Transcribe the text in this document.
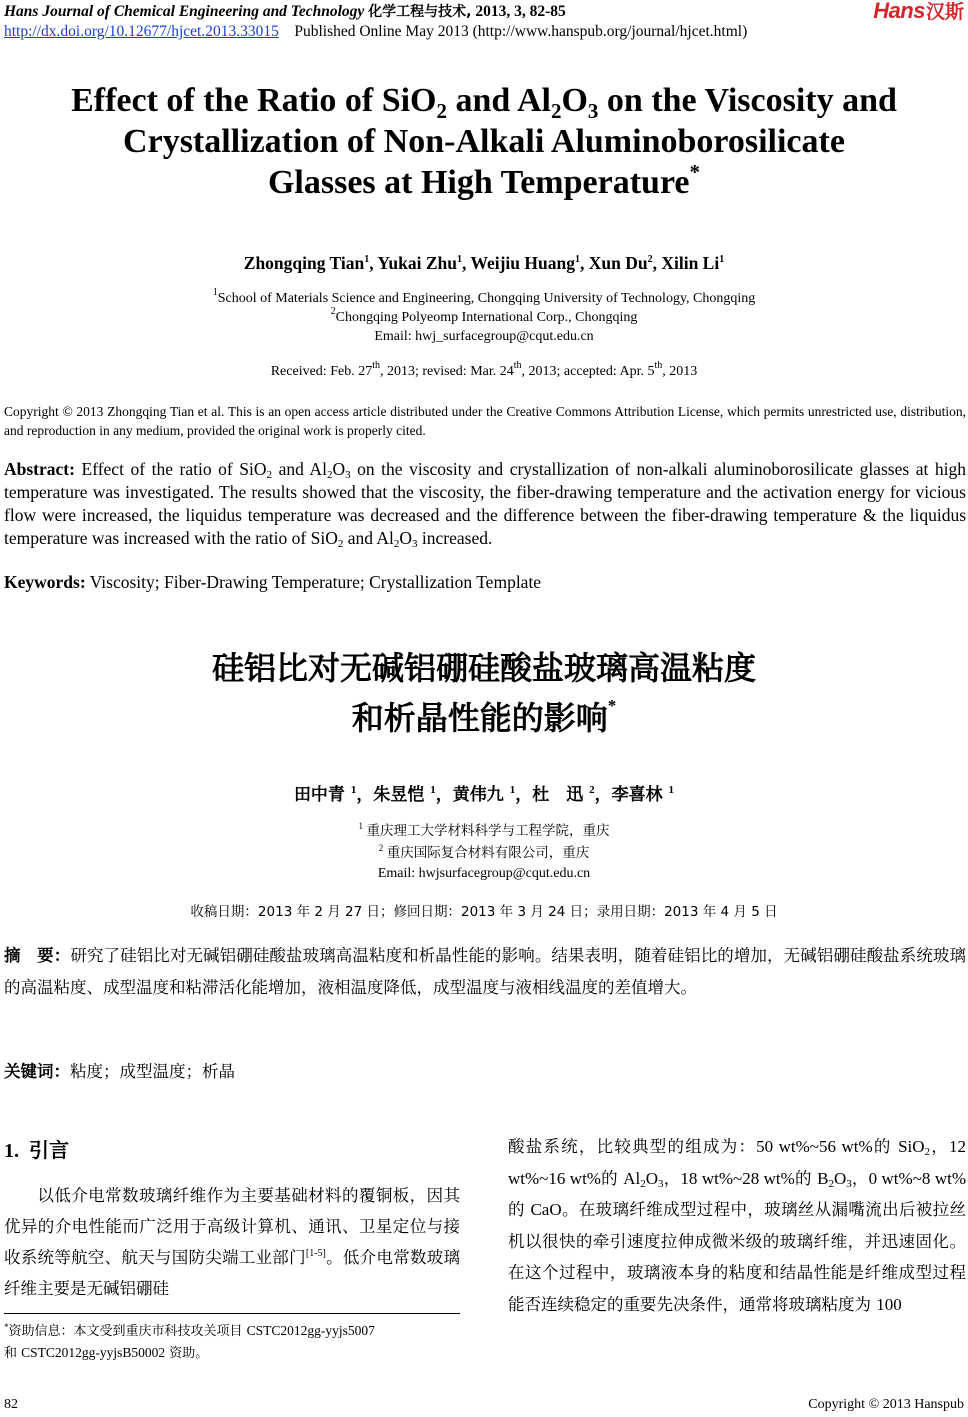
Hans Journal of Chemical Engineering and Technology 化学工程与技术, 2013, 3, 82-85
http://dx.doi.org/10.12677/hjcet.2013.33015 Published Online May 2013 (http://www.hanspub.org/journal/hjcet.html)
Hans 汉斯
Effect of the Ratio of SiO$_2$ and $Al_2O_3$ on the Viscosity and
Crystallization of Non-Alkali Aluminoborosilicate
Glasses at High Temperature*
Zhongqing Tian$^1$, Yukai Zhu$^1$, Weijiu Huang$^1$, Xun Du$^2$, Xilin Li$^1$
$^1$School of Materials Science and Engineering, Chongqing University of Technology, Chongqing
$^2$Chongqing Polyeomp International Corp., Chongqing
Email: hwj_surfacegroup@cqut.edu.cn
Received: Feb. 27th, 2013; revised: Mar. 24th, 2013; accepted: Apr. 5th, 2013
Copyright © 2013 Zhongqing Tian et al. This is an open access article distributed under the Creative Commons Attribution License, which permits unrestricted use, distribution, and reproduction in any medium, provided the original work is properly cited.
Abstract: Effect of the ratio of SiO$_2$ and $Al_2O_3$ on the viscosity and crystallization of non-alkali aluminoborosilicate glasses at high temperature was investigated. The results showed that the viscosity, the fiber-drawing temperature and the activation energy for vicious flow were increased, the liquidus temperature was decreased and the difference between the fiber-drawing temperature & the liquidus temperature was increased with the ratio of SiO$_2$ and $Al_2O_3$ increased.
Keywords: Viscosity; Fiber-Drawing Temperature; Crystallization Template
硅铝比对无碱铝硼硅酸盐玻璃高温粘度
和析晶性能的影响*
田中青 $^1$，朱昱恺 $^1$，黄伟九 $^1$，杜　迅 $^2$，李喜林 $^1$
$^1$ 重庆理工大学材料科学与工程学院，重庆
$^2$ 重庆国际复合材料有限公司，重庆
Email: hwjsurfacegroup@cqut.edu.cn
收稿日期：2013 年 2 月 27 日；修回日期：2013 年 3 月 24 日；录用日期：2013 年 4 月 5 日
摘　要：研究了硅铝比对无碱铝硼硅酸盐玻璃高温粘度和析晶性能的影响。结果表明，随着硅铝比的增加，无碱铝硼硅酸盐系统玻璃的高温粘度、成型温度和粘滞活化能增加，液相温度降低，成型温度与液相线温度的差值增大。
关键词：粘度；成型温度；析晶
1. 引言
以低介电常数玻璃纤维作为主要基础材料的覆铜板，因其优异的介电性能而广泛用于高级计算机、通讯、卫星定位与接收系统等航空、航天与国防尖端工业部门[1-5]。低介电常数玻璃纤维主要是无碱铝硼硅
酸盐系统，比较典型的组成为：50 wt%~56 wt%的 SiO$_2$，12 wt%~16 wt%的 $Al_2O_3$，18 wt%~28 wt%的 $B_2O_3$，0 wt%~8 wt%的 CaO。在玻璃纤维成型过程中，玻璃丝从漏嘴流出后被拉丝机以很快的牵引速度拉伸成微米级的玻璃纤维，并迅速固化。在这个过程中，玻璃液本身的粘度和结晶性能是纤维成型过程能否连续稳定的重要先决条件，通常将玻璃粘度为 100
*资助信息：本文受到重庆市科技攻关项目 CSTC2012gg-yyjs5007
和 CSTC2012gg-yyjsB50002 资助。
82	Copyright © 2013 Hanspub
